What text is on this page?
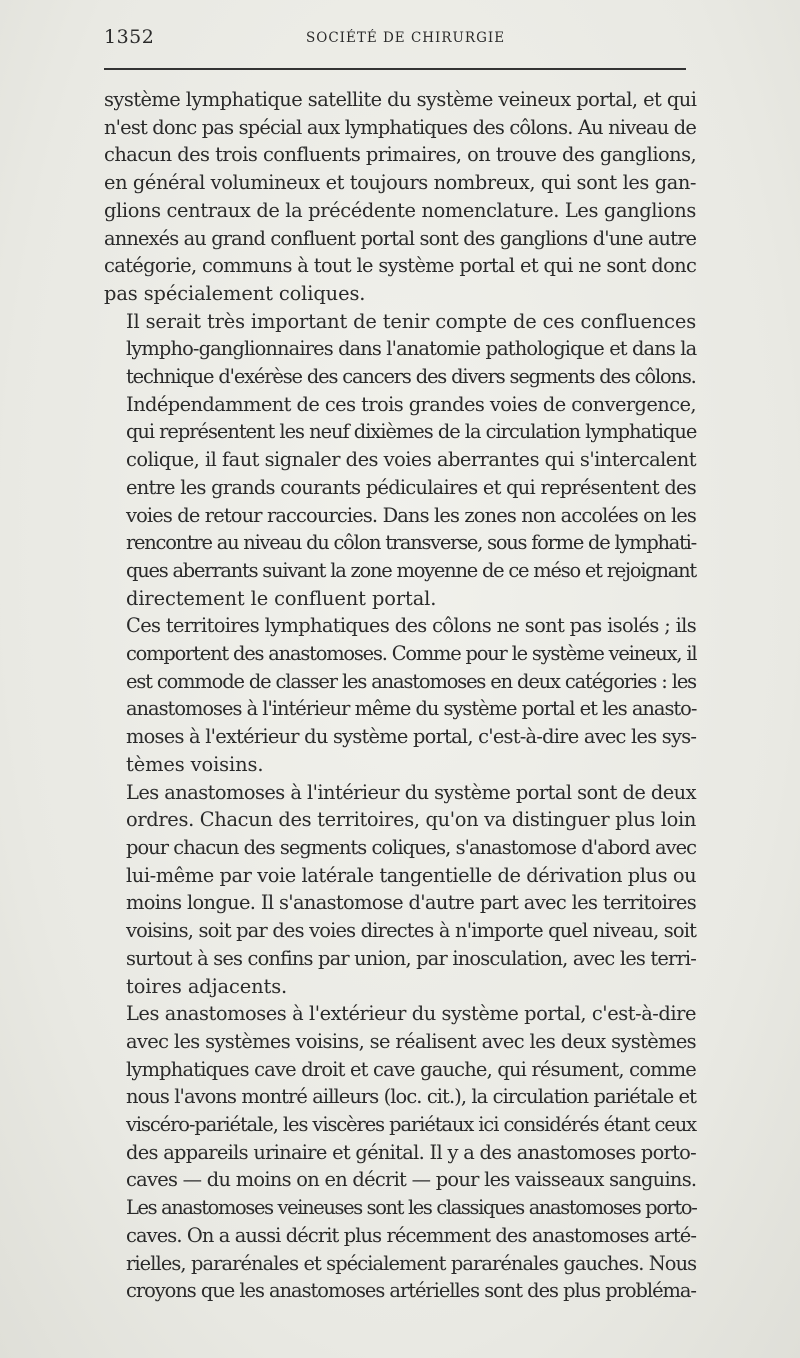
1352	SOCIÉTÉ DE CHIRURGIE

système lymphatique satellite du système veineux portal, et qui
n'est donc pas spécial aux lymphatiques des côlons. Au niveau de
chacun des trois confluents primaires, on trouve des ganglions,
en général volumineux et toujours nombreux, qui sont les gan-
glions centraux de la précédente nomenclature. Les ganglions
annexés au grand confluent portal sont des ganglions d'une autre
catégorie, communs à tout le système portal et qui ne sont donc
pas spécialement coliques.

Il serait très important de tenir compte de ces confluences
lympho-ganglionnaires dans l'anatomie pathologique et dans la
technique d'exérèse des cancers des divers segments des côlons.

Indépendamment de ces trois grandes voies de convergence,
qui représentent les neuf dixièmes de la circulation lymphatique
colique, il faut signaler des voies aberrantes qui s'intercalent
entre les grands courants pédiculaires et qui représentent des
voies de retour raccourcies. Dans les zones non accolées on les
rencontre au niveau du côlon transverse, sous forme de lymphati-
ques aberrants suivant la zone moyenne de ce méso et rejoignant
directement le confluent portal.

Ces territoires lymphatiques des côlons ne sont pas isolés ; ils
comportent des anastomoses. Comme pour le système veineux, il
est commode de classer les anastomoses en deux catégories : les
anastomoses à l'intérieur même du système portal et les anasto-
moses à l'extérieur du système portal, c'est-à-dire avec les sys-
tèmes voisins.

Les anastomoses à l'intérieur du système portal sont de deux
ordres. Chacun des territoires, qu'on va distinguer plus loin
pour chacun des segments coliques, s'anastomose d'abord avec
lui-même par voie latérale tangentielle de dérivation plus ou
moins longue. Il s'anastomose d'autre part avec les territoires
voisins, soit par des voies directes à n'importe quel niveau, soit
surtout à ses confins par union, par inosculation, avec les terri-
toires adjacents.

Les anastomoses à l'extérieur du système portal, c'est-à-dire
avec les systèmes voisins, se réalisent avec les deux systèmes
lymphatiques cave droit et cave gauche, qui résument, comme
nous l'avons montré ailleurs (loc. cit.), la circulation pariétale et
viscéro-pariétale, les viscères pariétaux ici considérés étant ceux
des appareils urinaire et génital. Il y a des anastomoses porto-
caves — du moins on en décrit — pour les vaisseaux sanguins.
Les anastomoses veineuses sont les classiques anastomoses porto-
caves. On a aussi décrit plus récemment des anastomoses arté-
rielles, pararénales et spécialement pararénales gauches. Nous
croyons que les anastomoses artérielles sont des plus probléma-
